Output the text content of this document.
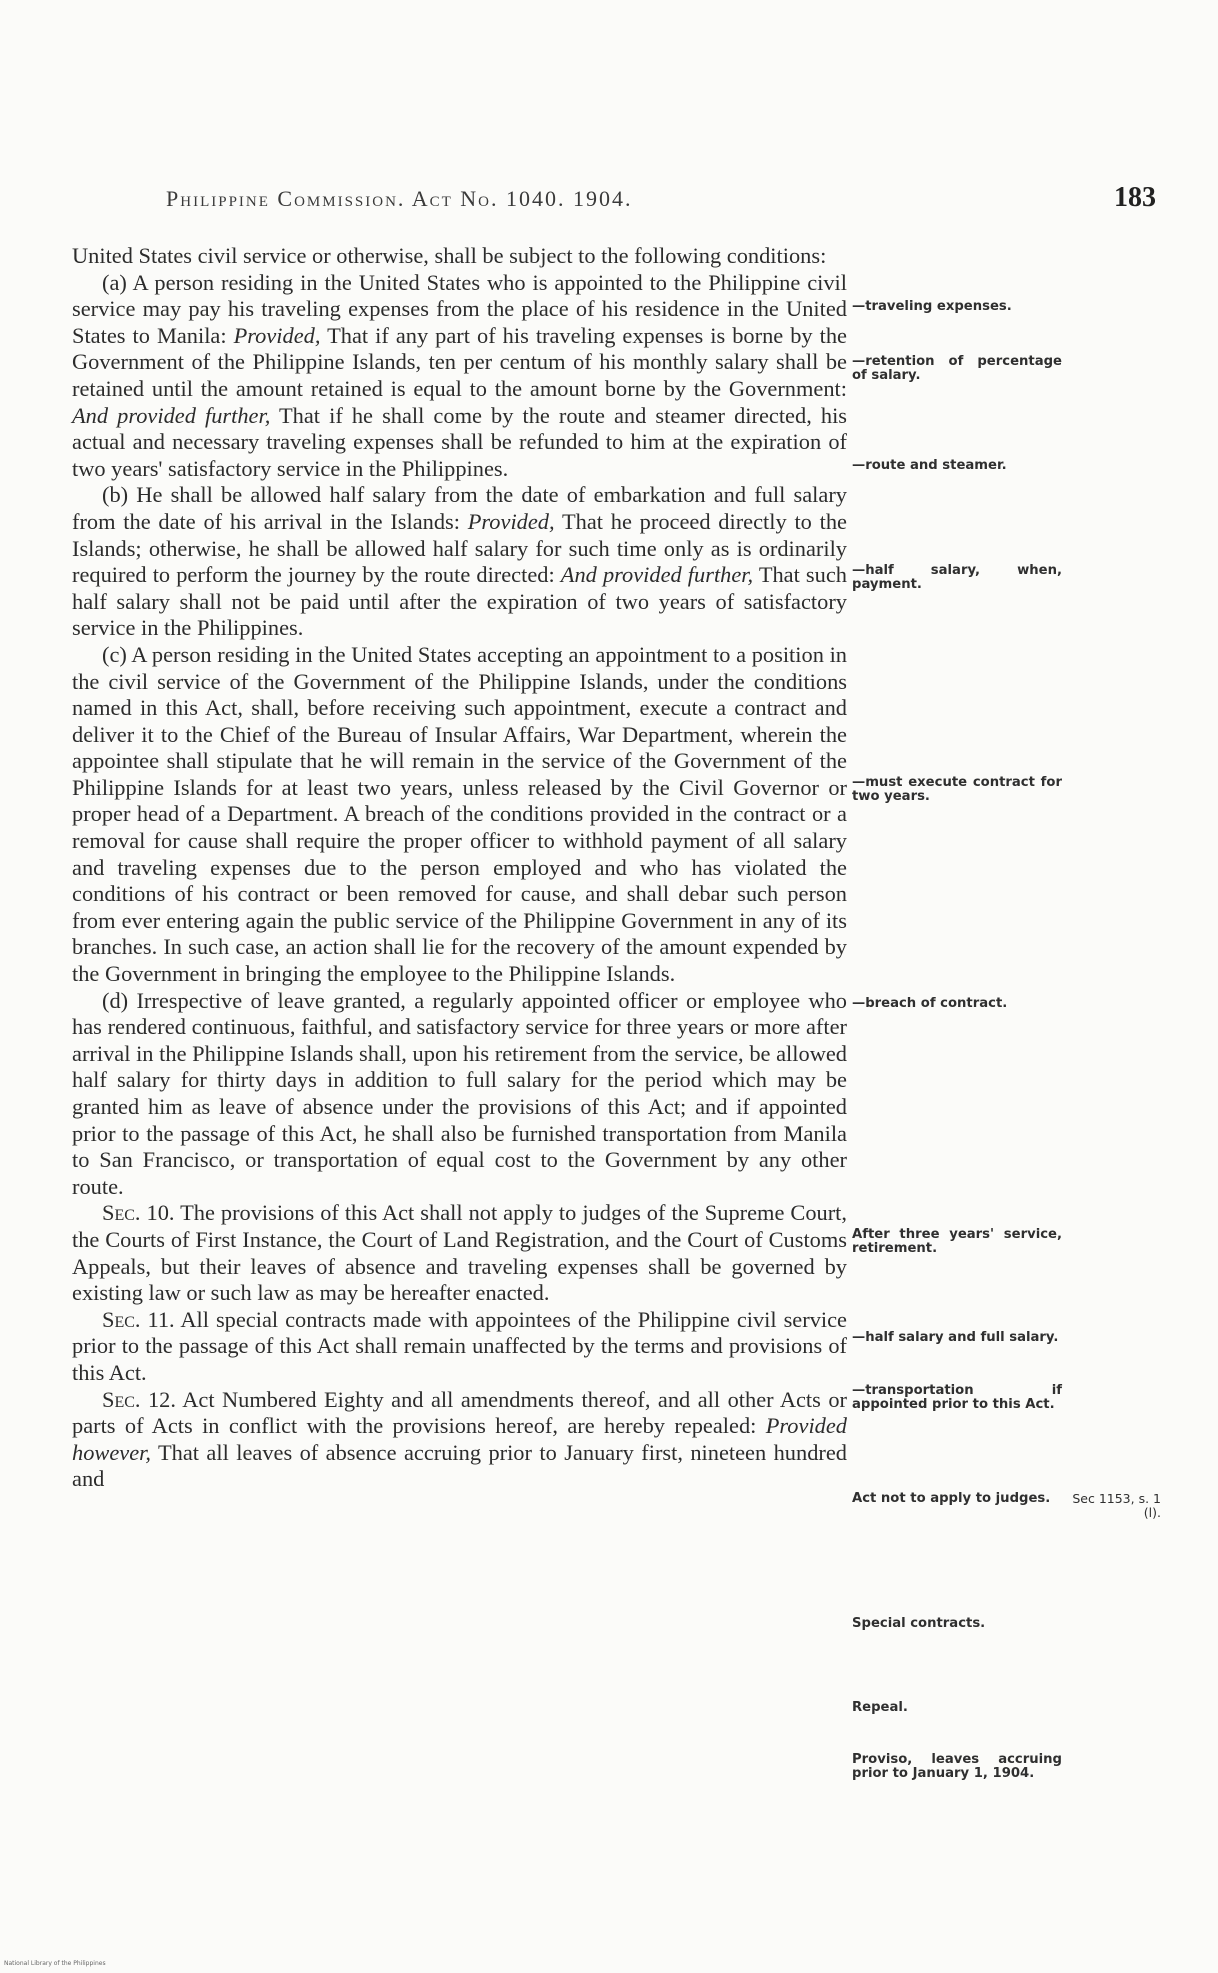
Philippine Commission. Act No. 1040. 1904.	183

United States civil service or otherwise, shall be subject to the following conditions:

(a) A person residing in the United States who is appointed to the Philippine civil service may pay his traveling expenses from the place of his residence in the United States to Manila: Provided, That if any part of his traveling expenses is borne by the Government of the Philippine Islands, ten per centum of his monthly salary shall be retained until the amount retained is equal to the amount borne by the Government: And provided further, That if he shall come by the route and steamer directed, his actual and necessary traveling expenses shall be refunded to him at the expiration of two years' satisfactory service in the Philippines.

(b) He shall be allowed half salary from the date of embarkation and full salary from the date of his arrival in the Islands: Provided, That he proceed directly to the Islands; otherwise, he shall be allowed half salary for such time only as is ordinarily required to perform the journey by the route directed: And provided further, That such half salary shall not be paid until after the expiration of two years of satisfactory service in the Philippines.

(c) A person residing in the United States accepting an appointment to a position in the civil service of the Government of the Philippine Islands, under the conditions named in this Act, shall, before receiving such appointment, execute a contract and deliver it to the Chief of the Bureau of Insular Affairs, War Department, wherein the appointee shall stipulate that he will remain in the service of the Government of the Philippine Islands for at least two years, unless released by the Civil Governor or proper head of a Department. A breach of the conditions provided in the contract or a removal for cause shall require the proper officer to withhold payment of all salary and traveling expenses due to the person employed and who has violated the conditions of his contract or been removed for cause, and shall debar such person from ever entering again the public service of the Philippine Government in any of its branches. In such case, an action shall lie for the recovery of the amount expended by the Government in bringing the employee to the Philippine Islands.

(d) Irrespective of leave granted, a regularly appointed officer or employee who has rendered continuous, faithful, and satisfactory service for three years or more after arrival in the Philippine Islands shall, upon his retirement from the service, be allowed half salary for thirty days in addition to full salary for the period which may be granted him as leave of absence under the provisions of this Act; and if appointed prior to the passage of this Act, he shall also be furnished transportation from Manila to San Francisco, or transportation of equal cost to the Government by any other route.

Sec. 10. The provisions of this Act shall not apply to judges of the Supreme Court, the Courts of First Instance, the Court of Land Registration, and the Court of Customs Appeals, but their leaves of absence and traveling expenses shall be governed by existing law or such law as may be hereafter enacted.

Sec. 11. All special contracts made with appointees of the Philippine civil service prior to the passage of this Act shall remain unaffected by the terms and provisions of this Act.

Sec. 12. Act Numbered Eighty and all amendments thereof, and all other Acts or parts of Acts in conflict with the provisions hereof, are hereby repealed: Provided however, That all leaves of absence accruing prior to January first, nineteen hundred and

—traveling expenses.
—retention of percentage of salary.
—route and steamer.
—half salary, when, payment.
—must execute contract for two years.
—breach of contract.
After three years' service, retirement.
—half salary and full salary.
—transportation if appointed prior to this Act.
Act not to apply to judges.
Special contracts.
Repeal.
Proviso, leaves accruing prior to January 1, 1904.
Sec 1153, s. 1 (l).
National Library of the Philippines
